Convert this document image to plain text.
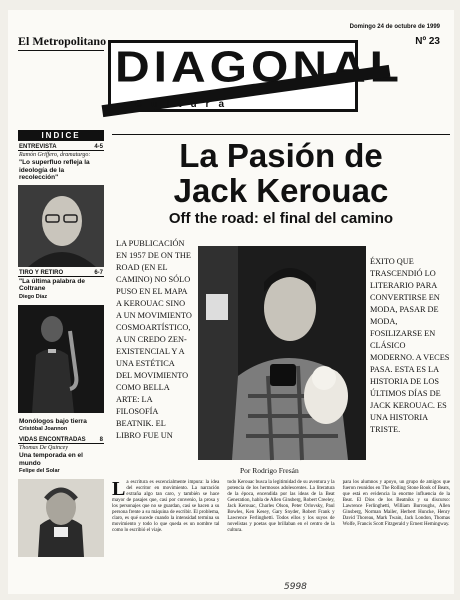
Domingo 24 de octubre de 1999
El Metropolitano	Nº 23
DIAGONAL
Cultura
INDICE
ENTREVISTA	4-5
Ramón Griffero, dramaturgo:
"Lo superfluo refleja la ideología de la recolección"
TIRO Y RETIRO	6-7
"La última palabra de Coltrane
Diego Díaz
Monólogos bajo tierra
Cristóbal Joannon
VIDAS ENCONTRADAS 8
Thomas De Quincey
Una temporada en el mundo
Felipe del Solar
La Pasión de
Jack Kerouac
Off the road: el final del camino
LA PUBLICACIÓN EN 1957 DE ON THE ROAD (EN EL CAMINO) NO SÓLO PUSO EN EL MAPA A KEROUAC SINO A UN MOVIMIENTO COSMOARTÍSTICO, A UN CREDO ZEN-EXISTENCIAL Y A UNA ESTÉTICA DEL MOVIMIENTO COMO BELLA ARTE: LA FILOSOFÍA BEATNIK. EL LIBRO FUE UN
ÉXITO QUE TRASCENDIÓ LO LITERARIO PARA CONVERTIRSE EN MODA, PASAR DE MODA, FOSILIZARSE EN CLÁSICO MODERNO. A VECES PASA. ESTA ES LA HISTORIA DE LOS ÚLTIMOS DÍAS DE JACK KEROUAC. ES UNA HISTORIA TRISTE.
Por Rodrigo Fresán

La escritura es escencialmente impura: la idea del escritor en movimiento. La narración extraña algo tan caro, y también se hace mayor de pasajes que, casi por convenio, la prosa y los personajes que no se guardan, casi se hacen a su persona frente a su máquina de escribir. El problema, claro, es qué sucede cuando la intensidad termina su movimiento y todo lo que queda es un nombre tal como lo escribió el viaje.

todo Kerouac busca la legitimidad de su aventura y la potencia de los hermosos adolescentes. La literatura de la época, encendida por las ideas de la Beat Generation, habla de Allen Ginsberg, Robert Creeley, Jack Kerouac, Charles Olson, Peter Orlovsky, Paul Bowles, Ken Kesey, Gary Snyder, Robert Frank y Lawrence Ferlinghetti. Todos ellos y los suyos de novelistas y poetas que brillaban en el centro de la cultura.

para los alumnos y apoyo, un grupo de amigos que fueron reunidos en The Rolling Stone Book of Beats, que está en evidencia la enorme influencia de la Beat. El Dios de los Beatniks y su discurso: Lawrence Ferlinghetti, William Burroughs, Allen Ginsberg, Norman Mailer, Herbert Huncke, Henry David Thoreau, Mark Twain, Jack London, Thomas Wolfe, Francis Scott Fitzgerald y Ernest Hemingway.

5998
